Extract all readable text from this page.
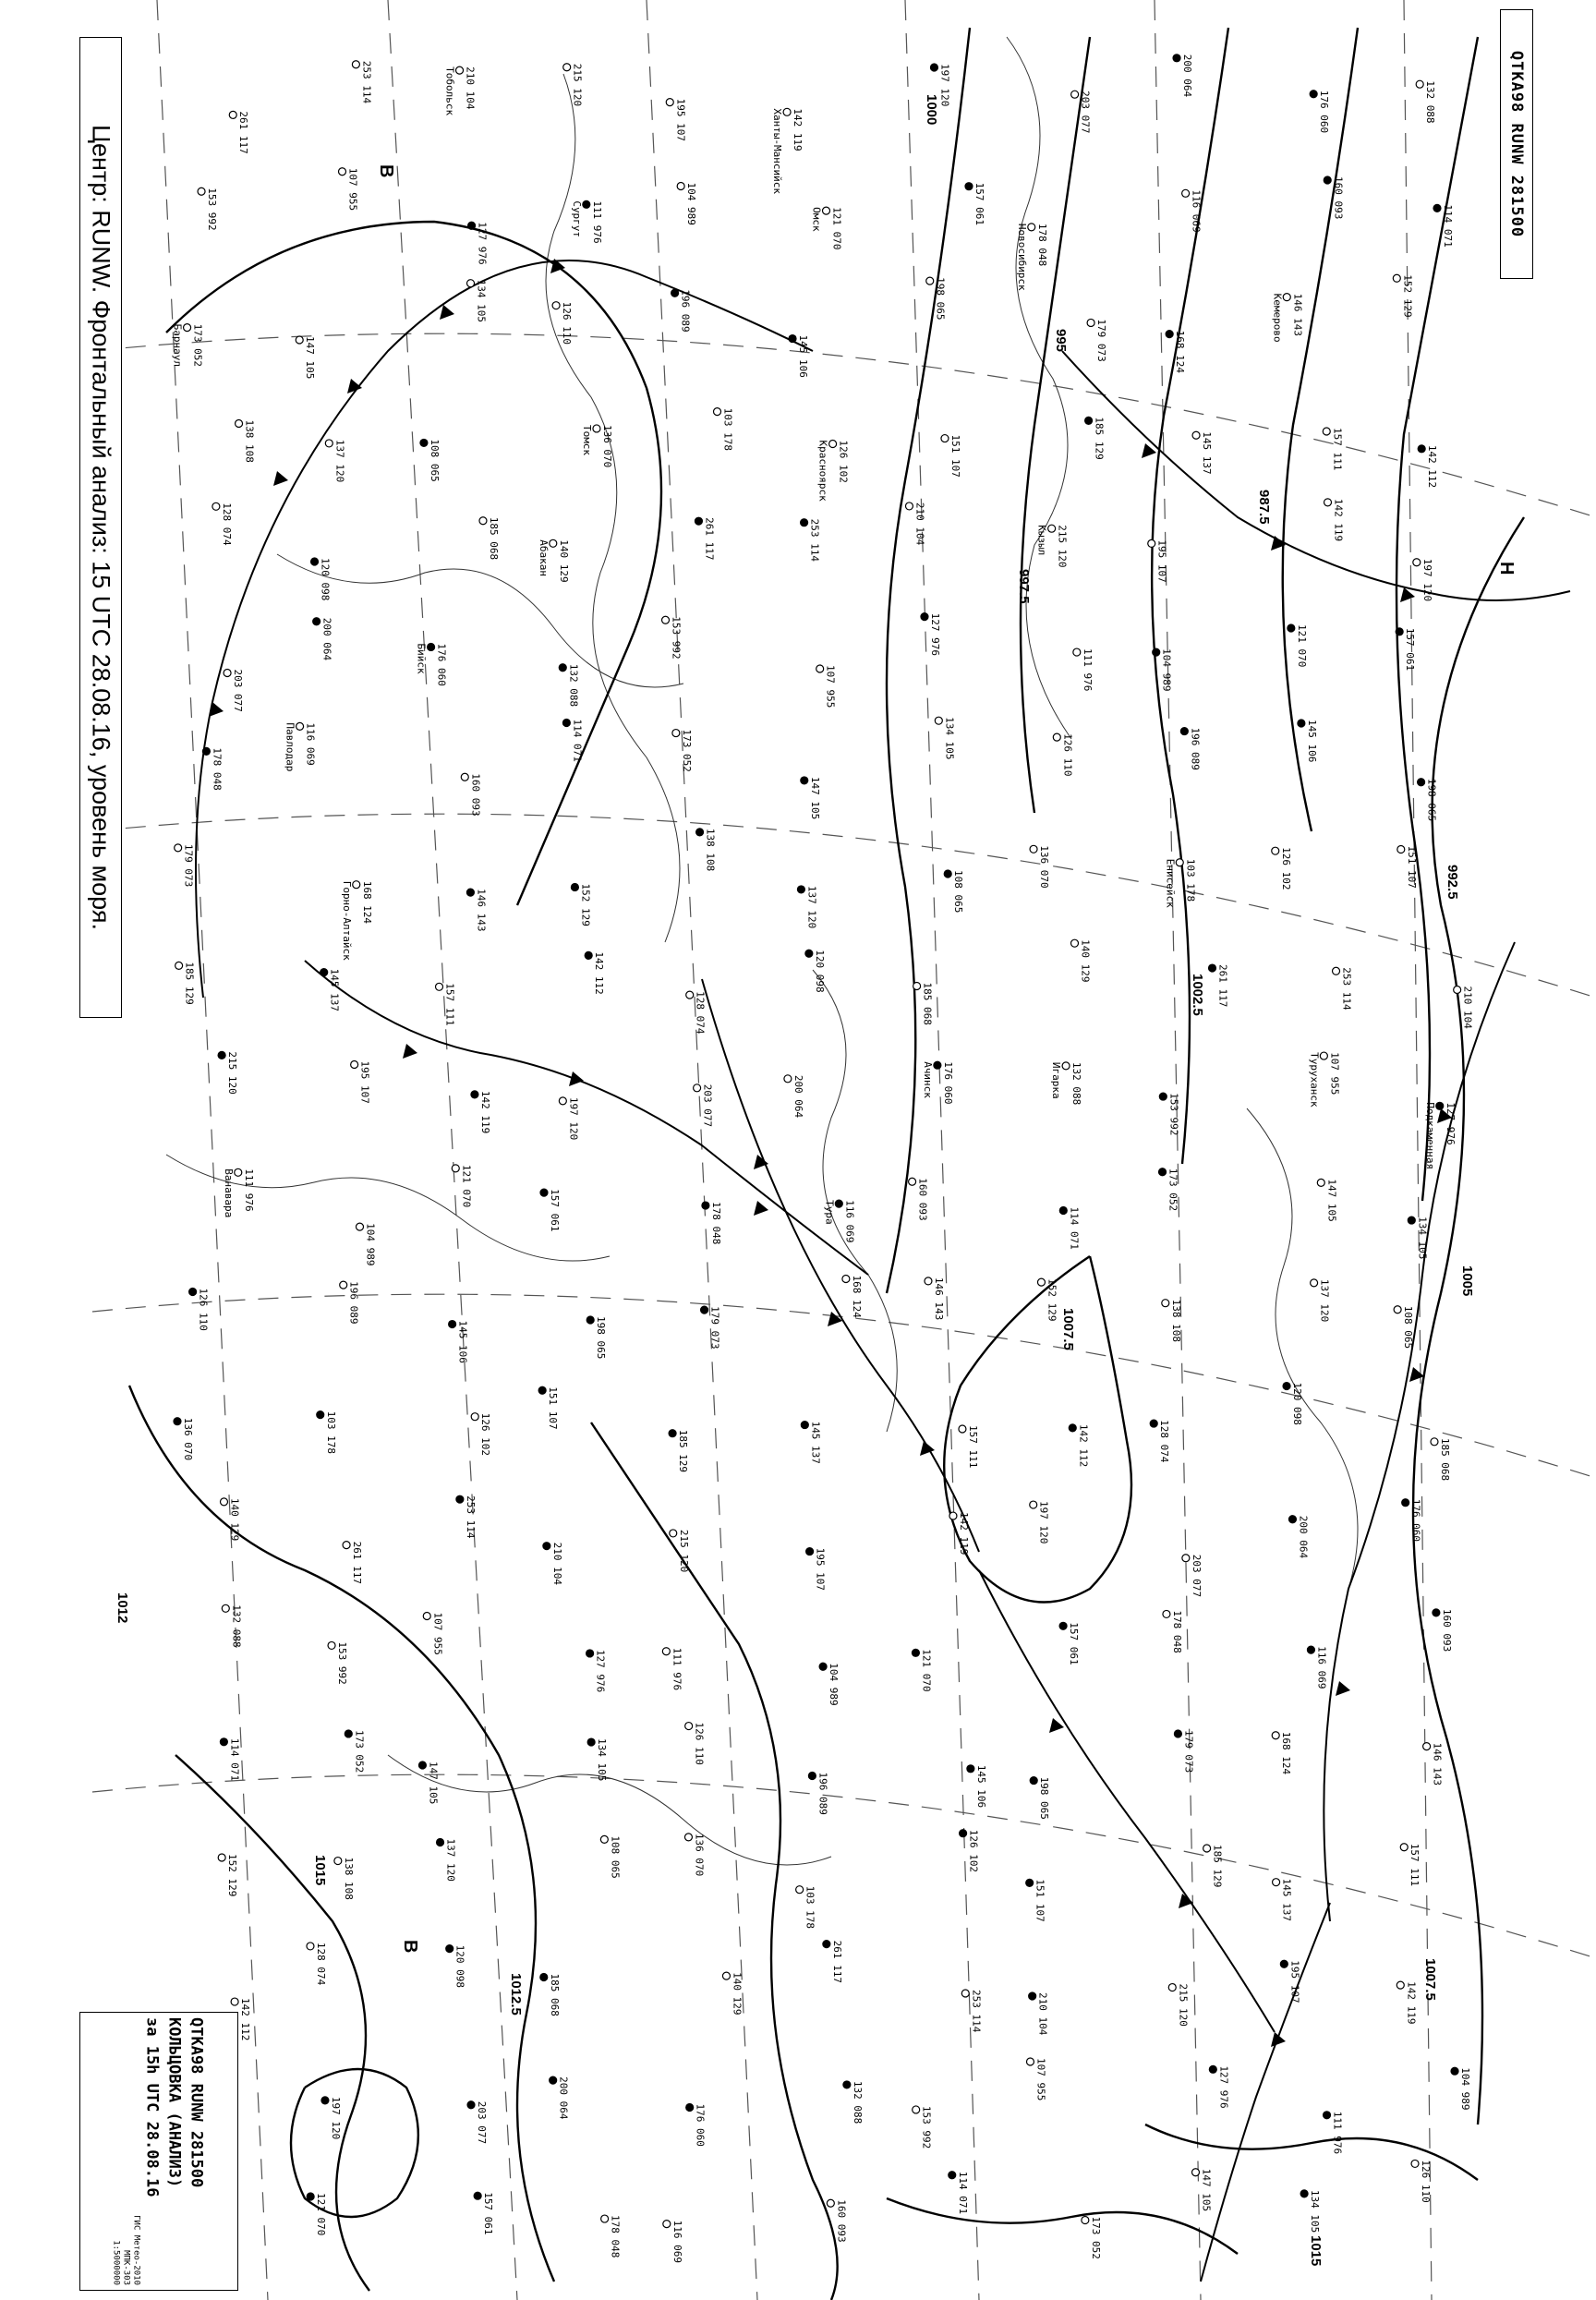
261 117
253 114	210 104
Тобольск	215 120
195 107	142 119
Ханты-Мансийск
197 120
203 077
200 064
176 060	132 088
153 992	107 955
127 976	111 976
Сургут	104 989
121 070
Омск	157 061
178 048
Новосибирск
116 069	160 093
114 071
173 052
Барнаул	147 105
134 105
126 110	196 089
145 106
198 065
179 073	168 124
146 143
Кемерово	152 129
138 108	137 120	108 065	136 070
Томск	103 178
126 102
Красноярск	151 107	185 129	145 137	157 111	142 112
128 074
120 098
185 068
140 129
Абакан	261 117	253 114	210 104
215 120
Кызыл	195 107
142 119
197 120
203 077
200 064
176 060
Бийск
132 088
153 992
107 955
127 976
111 976	104 989
121 070	157 061
178 048
116 069
Павлодар
160 093
114 071	173 052
147 105
134 105	126 110	196 089	145 106
198 065
179 073
168 124
Горно-Алтайск	146 143	152 129
138 108
137 120	108 065
136 070	103 178
Енисейск	126 102	151 107
185 129	145 137	157 111
142 112
128 074
120 098
185 068
140 129
261 117	253 114	210 104
215 120	195 107
142 119	197 120	203 077	200 064	176 060
Ачинск	132 088
Игарка
153 992
107 955
Туруханск
127 976
Подкаменная
111 976
Ванавара
104 989
121 070
157 061	178 048	116 069
Тура	160 093
114 071
173 052	147 105
134 105
126 110	196 089
145 106	198 065	179 073
168 124	146 143	152 129	138 108	137 120
108 065
136 070	103 178	126 102
151 107
185 129	145 137	157 111	142 112	128 074
120 098
185 068
140 129
261 117
253 114
210 104	215 120	195 107
142 119	197 120
203 077
200 064	176 060
132 088
153 992
107 955
127 976	111 976	104 989	121 070
157 061	178 048
116 069
160 093
114 071	173 052
147 105
134 105	126 110
196 089	145 106	198 065
179 073	168 124	146 143
152 129	138 108	137 120	108 065	136 070
103 178
126 102
151 107
185 129
145 137
157 111
142 112
128 074	120 098
185 068	140 129
261 117
253 114	210 104	215 120
195 107	142 119
197 120	203 077
200 064
176 060
132 088
153 992
107 955	127 976
111 976
104 989
121 070	157 061
178 048	116 069	160 093
114 071
173 052
147 105	134 105
126 110
В
В
Н
1000
995
997.5
992.5
1002.5
987.5
1007.5
1012.5
1015
1012
1005
1007.5
1015
Центр: RUNW. Фронтальный анализ: 15 UTC 28.08.16, уровень моря.	QTKA98 RUNW 281500
QTKA98 RUNW 281500
КОЛЬЦОВКА (АНАЛИЗ)
за 15h UTC 28.08.16
ГИС Метео-2010
МПК-303
1:5000000
